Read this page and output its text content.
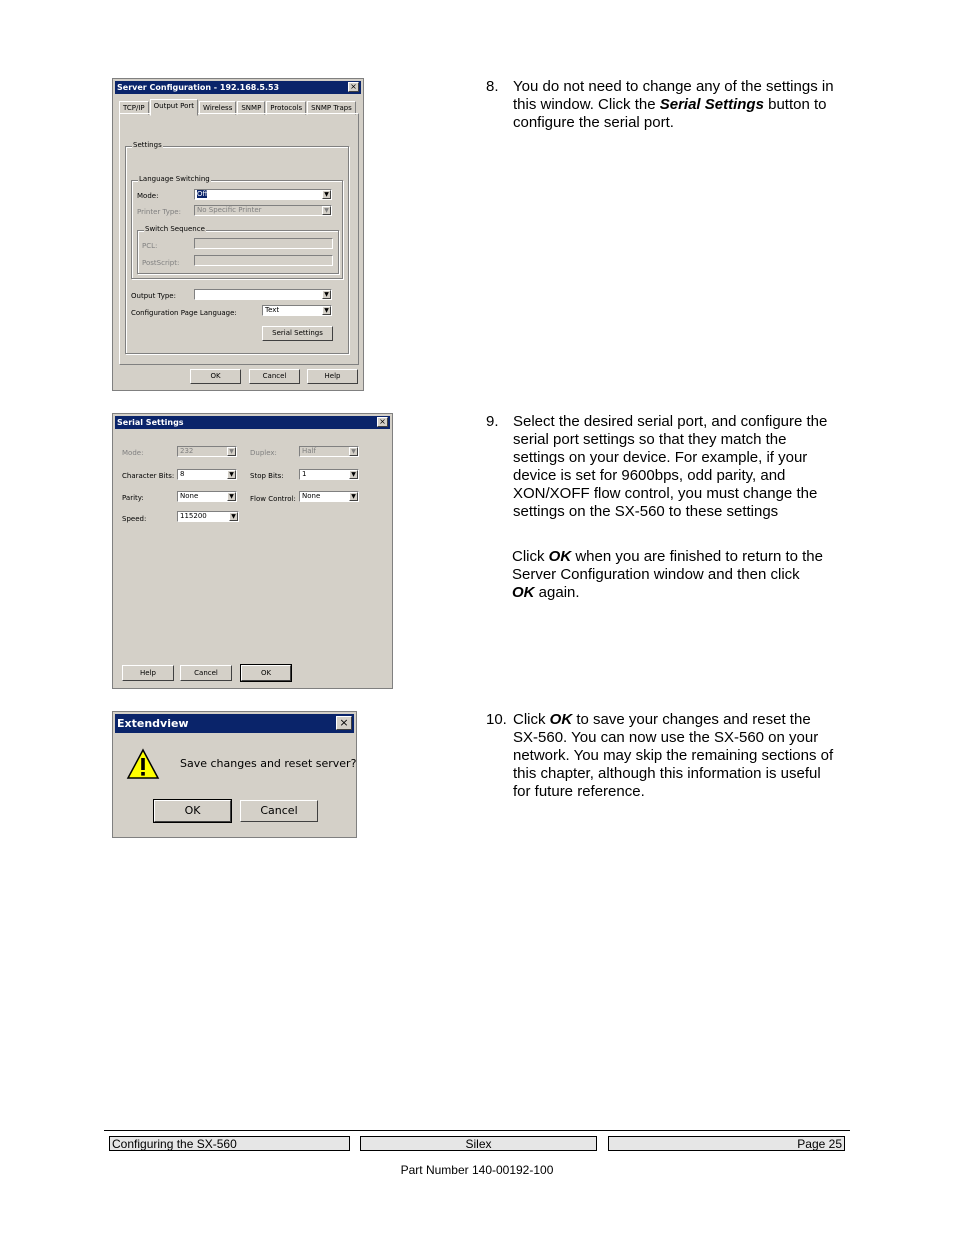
Server Configuration - 192.168.5.53	×
TCP/IP	Output Port	Wireless	SNMP	Protocols	SNMP Traps
Settings
Language Switching
Mode:	Off	▼
Printer Type:	No Specific Printer	▼
Switch Sequence
PCL:
PostScript:
Output Type:	▼
Configuration Page Language:	Text	▼
Serial Settings
OK	Cancel	Help
Serial Settings	×
Mode:	232	▼	Duplex:	Half	▼
Character Bits: 8	▼	Stop Bits:	1	▼
Parity:	None	▼	Flow Control: None	▼
Speed:	115200	▼
Help	Cancel	OK
Extendview	×
Save changes and reset server?
OK	Cancel
8. You do not need to change any of the settings in this window. Click the Serial Settings button to configure the serial port.
9. Select the desired serial port, and configure the serial port settings so that they match the settings on your device. For example, if your device is set for 9600bps, odd parity, and XON/XOFF flow control, you must change the settings on the SX-560 to these settings
Click OK when you are finished to return to the Server Configuration window and then click OK again.
10. Click OK to save your changes and reset the SX-560. You can now use the SX-560 on your network. You may skip the remaining sections of this chapter, although this information is useful for future reference.
Configuring the SX-560	Silex	Page 25
Part Number 140-00192-100
